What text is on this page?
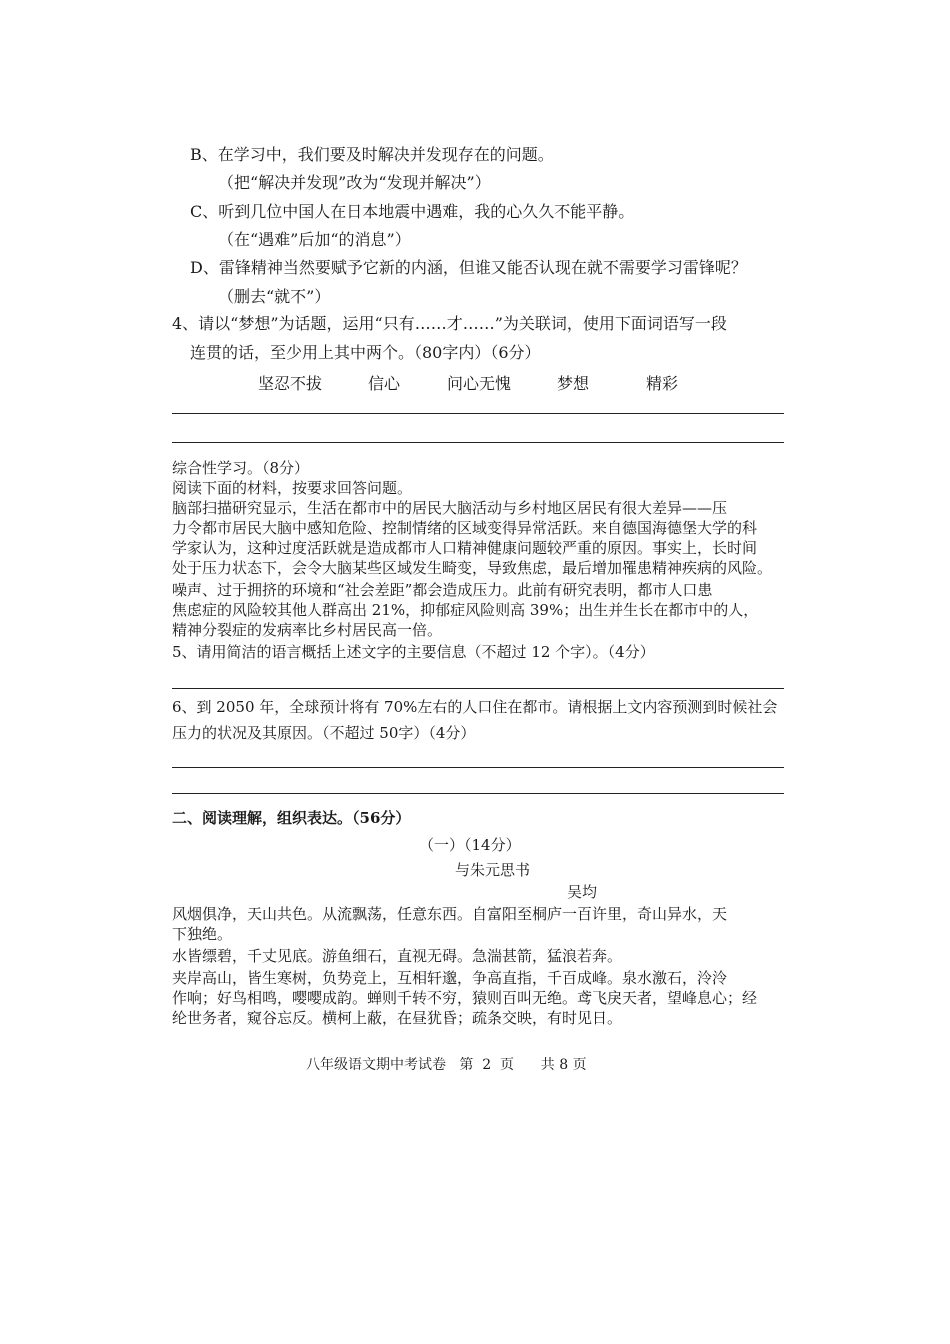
B、在学习中，我们要及时解决并发现存在的问题。
（把“解决并发现”改为“发现并解决”）
C、听到几位中国人在日本地震中遇难，我的心久久不能平静。
（在“遇难”后加“的消息”）
D、雷锋精神当然要赋予它新的内涵，但谁又能否认现在就不需要学习雷锋呢？
（删去“就不”）
4、请以“梦想”为话题，运用“只有……才……”为关联词，使用下面词语写一段
连贯的话，至少用上其中两个。（80字内）（6分）
坚忍不拔	信心	问心无愧	梦想	精彩
综合性学习。（8分）
阅读下面的材料，按要求回答问题。
脑部扫描研究显示，生活在都市中的居民大脑活动与乡村地区居民有很大差异——压
力令都市居民大脑中感知危险、控制情绪的区域变得异常活跃。来自德国海德堡大学的科
学家认为，这种过度活跃就是造成都市人口精神健康问题较严重的原因。事实上，长时间
处于压力状态下，会令大脑某些区域发生畸变，导致焦虑，最后增加罹患精神疾病的风险。
噪声、过于拥挤的环境和“社会差距”都会造成压力。此前有研究表明，都市人口患
焦虑症的风险较其他人群高出 21%，抑郁症风险则高 39%；出生并生长在都市中的人，
精神分裂症的发病率比乡村居民高一倍。
5、请用简洁的语言概括上述文字的主要信息（不超过 12 个字）。（4分）
6、到 2050 年，全球预计将有 70%左右的人口住在都市。请根据上文内容预测到时候社会
压力的状况及其原因。（不超过 50字）（4分）
二、阅读理解，组织表达。（56分）
（一）（14分）
与朱元思书
吴均
风烟俱净，天山共色。从流飘荡，任意东西。自富阳至桐庐一百许里，奇山异水，天
下独绝。
水皆缥碧，千丈见底。游鱼细石，直视无碍。急湍甚箭，猛浪若奔。
夹岸高山，皆生寒树，负势竞上，互相轩邈，争高直指，千百成峰。泉水激石，泠泠
作响；好鸟相鸣，嘤嘤成韵。蝉则千转不穷，猿则百叫无绝。鸢飞戾天者，望峰息心；经
纶世务者，窥谷忘反。横柯上蔽，在昼犹昏；疏条交映，有时见日。
八年级语文期中考试卷   第  2  页      共 8 页
